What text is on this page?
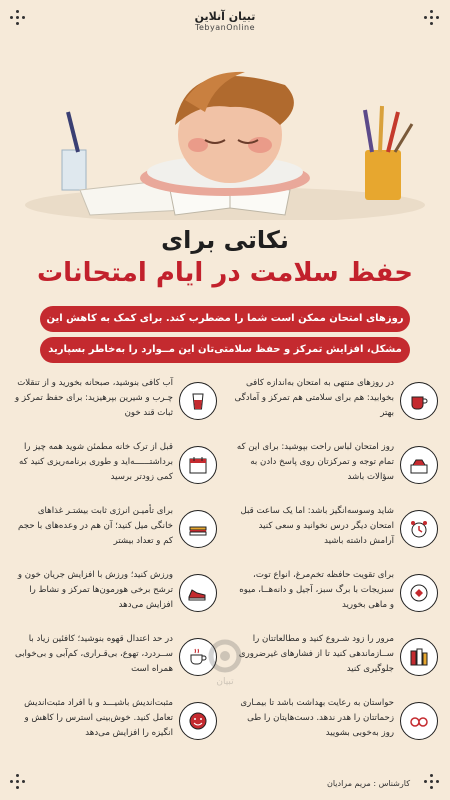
تبیان آنلاین
TebyanOnline
نکاتی برای
حفظ سلامت در ایام امتحانات
روزهای امتحان ممکن است شما را مضطرب کند. برای کمک به کاهش این
مشکل، افزایش تمرکز و حفظ سلامتی‌تان این مــوارد را به‌خاطر بسپارید
در روزهای منتهی به امتحان به‌اندازه کافی بخوابید: هم برای سلامتی هم تمرکز و آمادگی بهتر
روز امتحان لباس راحت بپوشید: برای این که تمام توجه و تمرکزتان روی پاسخ دادن به سؤالات باشد
شاید وسوسه‌انگیز باشد: اما یک ساعت قبل امتحان دیگر درس نخوانید و سعی کنید آرامش داشته باشید
برای تقویت حافظه تخم‌مرغ، انواع توت، سبزیجات با برگ سبز، آجیل و دانه‌هــا، میوه و ماهی بخورید
مرور را زود شـروع کنید و مطالعاتتان را ســازماندهی کنید تا از فشارهای غیرضروری جلوگیری کنید
حواستان به رعایت بهداشت باشد تا بیمـاری زحماتتان را هدر ندهد. دست‌هایتان را طی روز به‌خوبی بشویید
آب کافی بنوشید، صبحانه بخورید و از تنقلات چـرب و شیرین بپرهیزید: برای حفظ تمرکز و ثبات قند خون
قبل از ترک خانه مطمئن شوید همه چیز را برداشتــــــه‌اید و طوری برنامه‌ریزی کنید که کمی زودتر برسید
برای تأمیـن انرژی ثابت بیشتـر غذاهای خانگی میل کنید؛ آن هم در وعده‌های با حجم کم و تعداد بیشتر
ورزش کنید؛ ورزش با افزایش جریان خون و ترشح برخی هورمون‌ها تمرکز و نشاط را افزایش می‌دهد
در حد اعتدال قهوه بنوشید؛ کافئین زیاد با ســردرد، تهوع، بی‌قـراری، کم‌آبی و بی‌خوابی همراه است
مثبت‌اندیش باشیـــد و با افراد مثبت‌اندیش تعامل کنید. خوش‌بینی استرس را کاهش و انگیزه را افزایش می‌دهد
تبیان
کارشناس : مریم مرادیان
